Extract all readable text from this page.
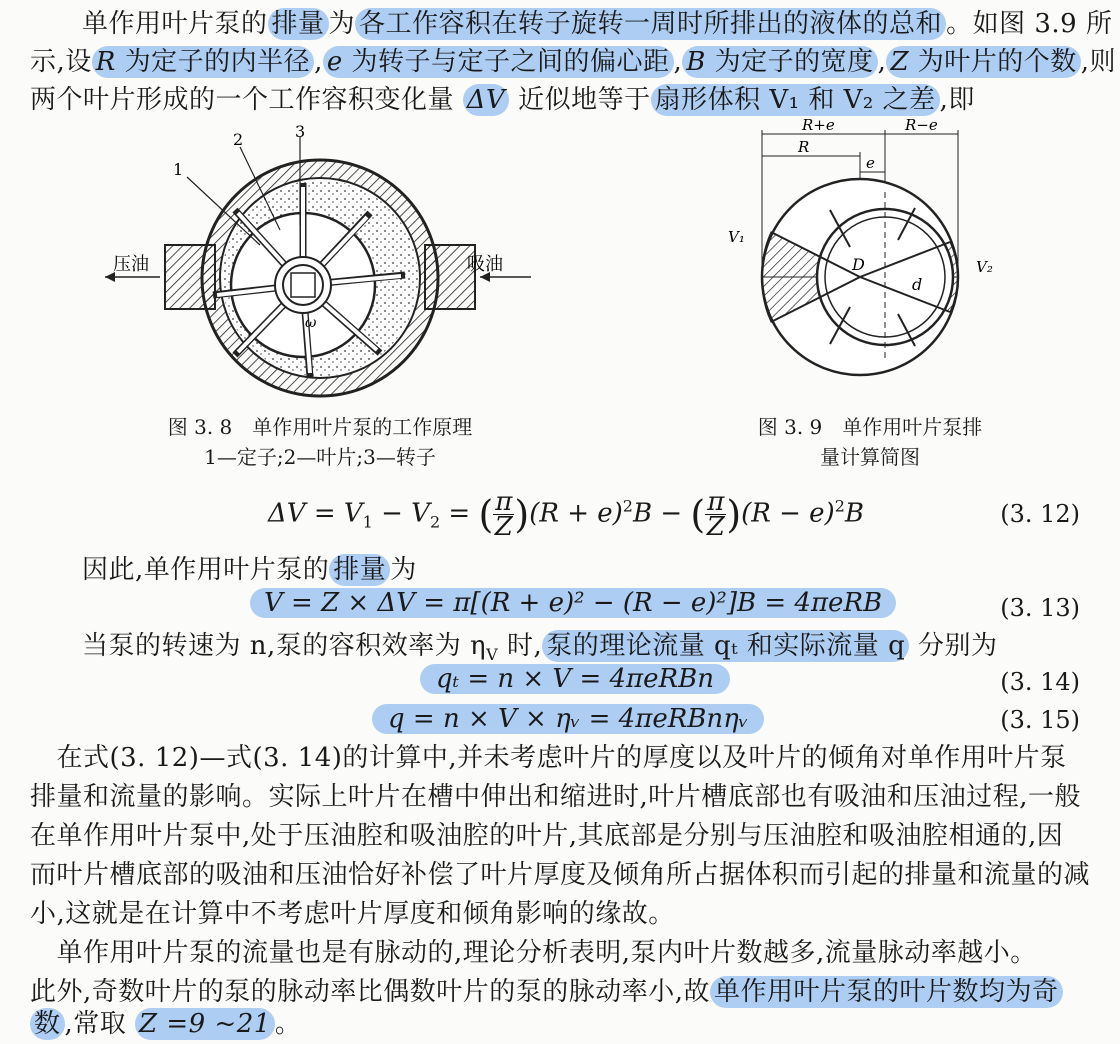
单作用叶片泵的 排量 为 各工作容积在转子旋转一周时所排出的液体的总和 。如图 3.9 所
示,设 R 为定子的内半径 , e 为转子与定子之间的偏心距 , B 为定子的宽度 , Z 为叶片的个数 ,则
两个叶片形成的一个工作容积变化量 ΔV 近似地等于 扇形体积 V₁ 和 V₂ 之差 ,即
ω
1
2	3
压油	吸油
图 3. 8　单作用叶片泵的工作原理
1—定子;2—叶片;3—转子
R+e	R−e
R
e
D
d
V₁
V₂
图 3. 9　单作用叶片泵排
量计算简图
$\Delta V = V_1 - V_2$ = ( $\frac{\pi}{Z} )(R + e)^2B$ − ( $\frac{\pi}{Z} )(R - e)^2B$	(3. 12)
因此,单作用叶片泵的 排量 为
V = Z × ΔV = π[(R + e)² − (R − e)²]B = 4πeRB	(3. 13)
当泵的转速为 n,泵的容积效率为 $\eta_V$ 时, 泵的理论流量 qₜ 和实际流量 q 分别为
qₜ = n × V = 4πeRBn	(3. 14)
q = n × V × ηᵥ = 4πeRBnηᵥ	(3. 15)
　在式(3. 12)—式(3. 14)的计算中,并未考虑叶片的厚度以及叶片的倾角对单作用叶片泵
排量和流量的影响。实际上叶片在槽中伸出和缩进时,叶片槽底部也有吸油和压油过程,一般
在单作用叶片泵中,处于压油腔和吸油腔的叶片,其底部是分别与压油腔和吸油腔相通的,因
而叶片槽底部的吸油和压油恰好补偿了叶片厚度及倾角所占据体积而引起的排量和流量的减
小,这就是在计算中不考虑叶片厚度和倾角影响的缘故。
　单作用叶片泵的流量也是有脉动的,理论分析表明,泵内叶片数越多,流量脉动率越小。
此外,奇数叶片的泵的脉动率比偶数叶片的泵的脉动率小,故 单作用叶片泵的叶片数均为奇
数 ,常取 Z =9 ~21 。
